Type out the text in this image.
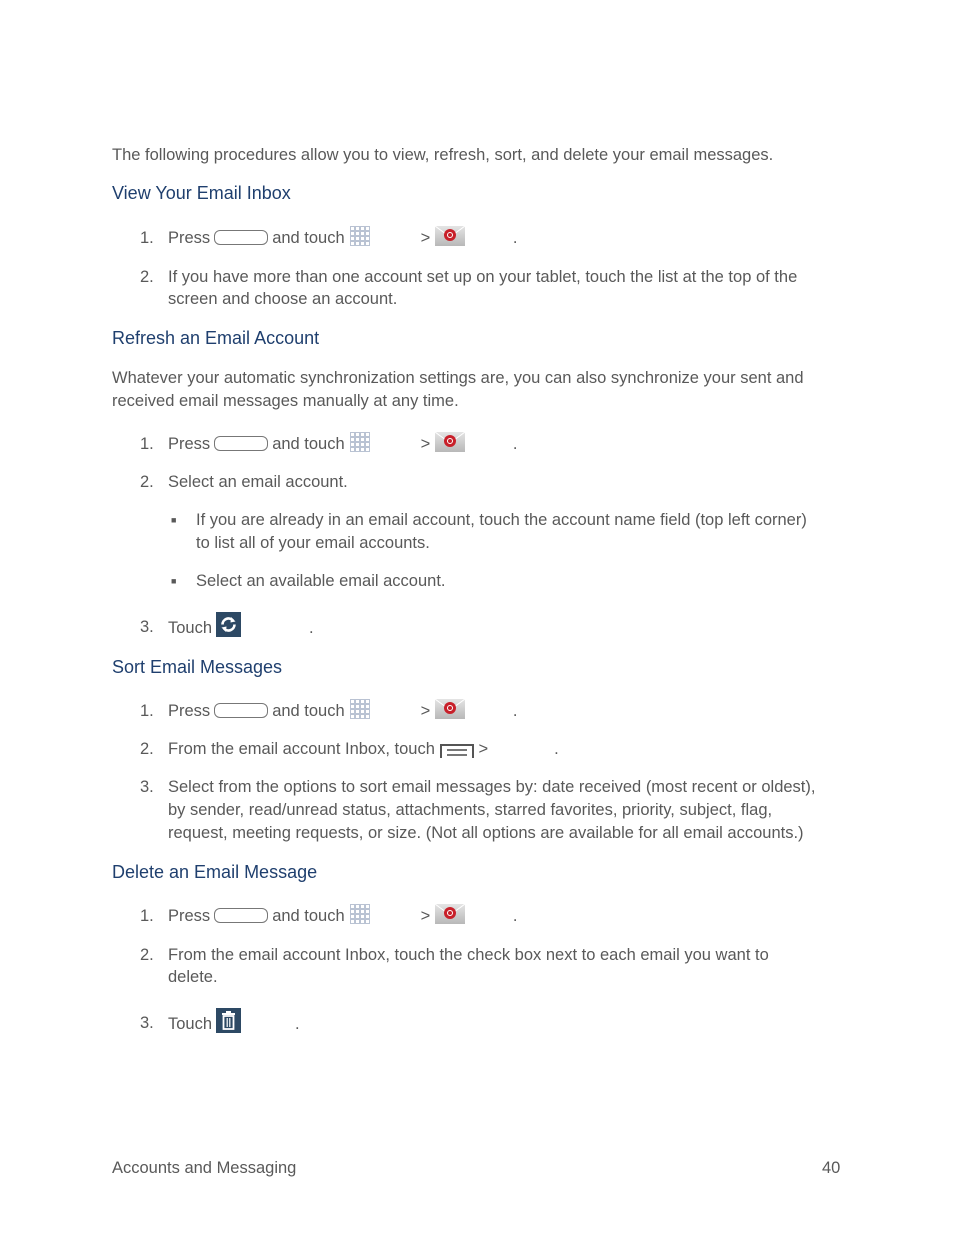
The following procedures allow you to view, refresh, sort, and delete your email messages.
View Your Email Inbox
1. Press	and touch	>	.
2. If you have more than one account set up on your tablet, touch the list at the top of the
screen and choose an account.
Refresh an Email Account
Whatever your automatic synchronization settings are, you can also synchronize your sent and
received email messages manually at any time.
1. Press	and touch	>	.
2. Select an email account.
■ If you are already in an email account, touch the account name field (top left corner)
to list all of your email accounts.
■ Select an available email account.
3. Touch	.
Sort Email Messages
1. Press	and touch	>	.
2. From the email account Inbox, touch	>	.
3. Select from the options to sort email messages by: date received (most recent or oldest),
by sender, read/unread status, attachments, starred favorites, priority, subject, flag,
request, meeting requests, or size. (Not all options are available for all email accounts.)
Delete an Email Message
1. Press	and touch	>	.
2. From the email account Inbox, touch the check box next to each email you want to
delete.
3. Touch	.
Accounts and Messaging	40
